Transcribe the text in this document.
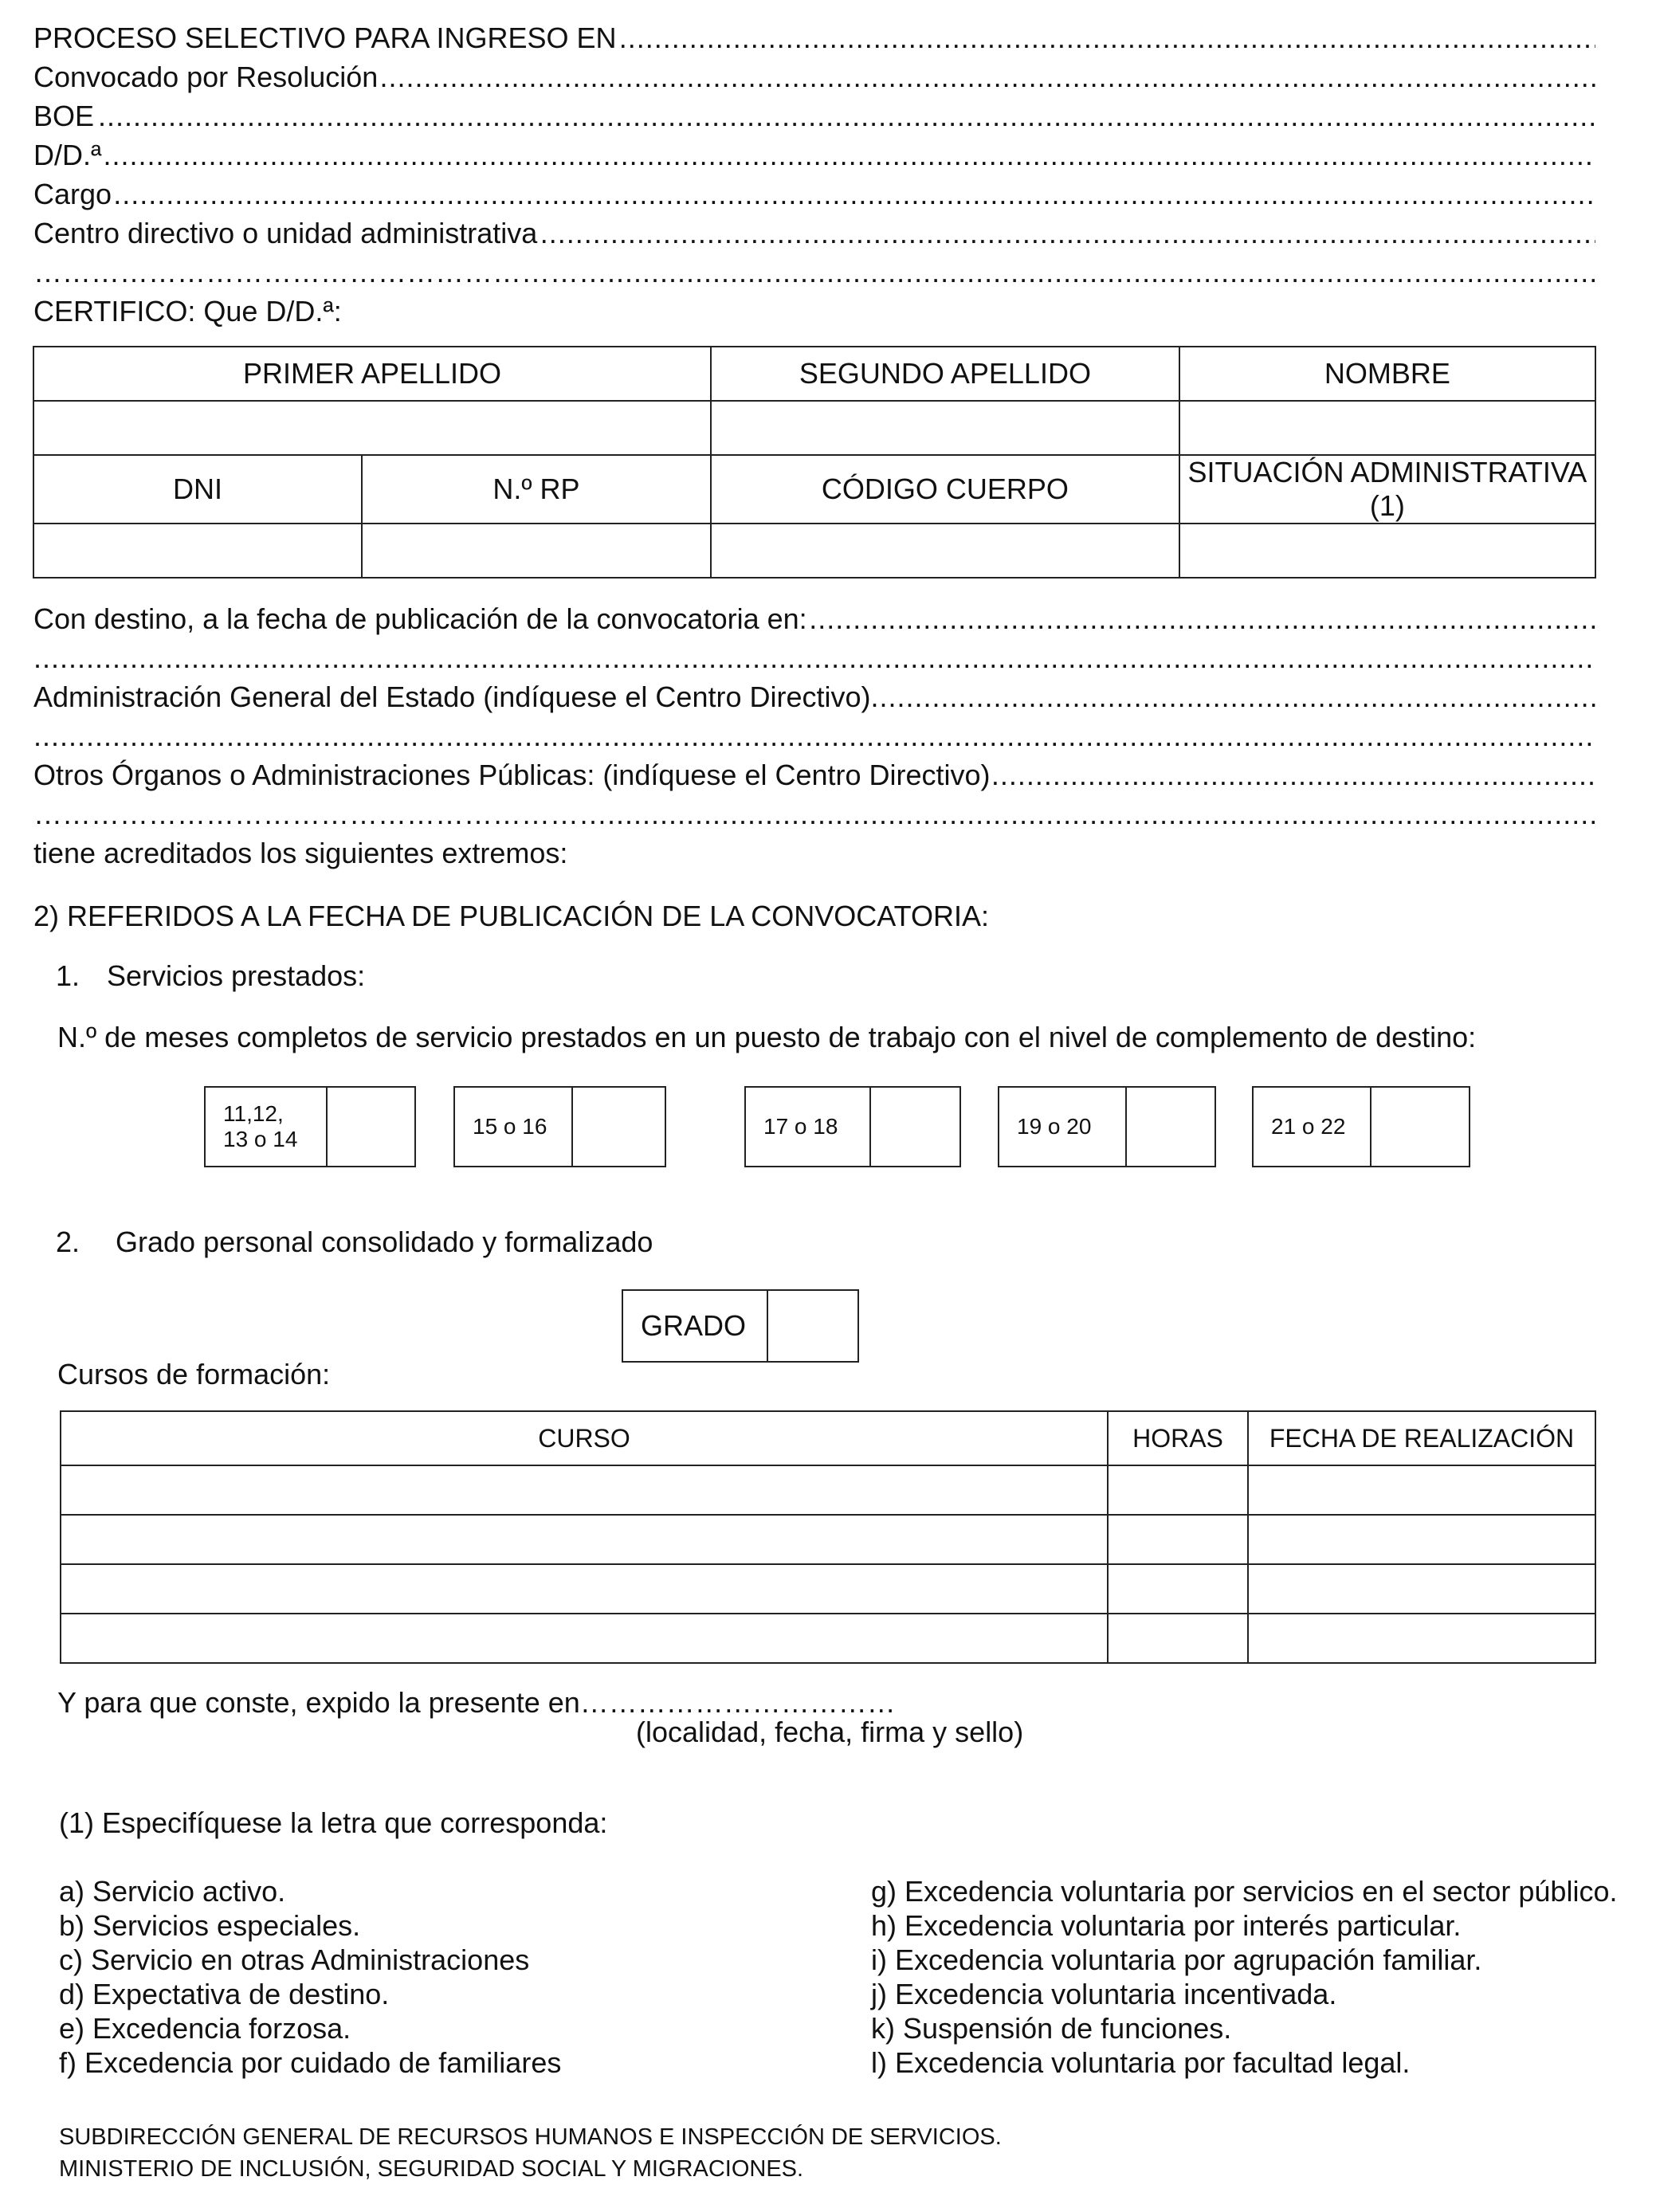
PROCESO SELECTIVO PARA INGRESO EN
.....
Convocado por Resolución
.....
BOE
.....
D/D.ª
.....
Cargo
.....
Centro directivo o unidad administrativa
.....
……………………………………………………
.....
CERTIFICO: Que D/D.ª:
PRIMER APELLIDO		SEGUNDO APELLIDO	NOMBRE

DNI	N.º RP	CÓDIGO CUERPO	SITUACIÓN ADMINISTRATIVA (1)

Con destino, a la fecha de publicación de la convocatoria en:
.....
.....
Administración General del Estado (indíquese el Centro Directivo)
.....
.....
Otros Órganos o Administraciones Públicas: (indíquese el Centro Directivo)
.....
……………………………………………………
.....
tiene acreditados los siguientes extremos:
2) REFERIDOS A LA FECHA DE PUBLICACIÓN DE LA CONVOCATORIA:
1. Servicios prestados:
N.º de meses completos de servicio prestados en un puesto de trabajo con el nivel de complemento de destino:
11,12,
13 o 14
15 o 16	17 o 18	19 o 20	21 o 22
2. Grado personal consolidado y formalizado
GRADO
Cursos de formación:
CURSO	HORAS	FECHA DE REALIZACIÓN

Y para que conste, expido la presente en……………………………
(localidad, fecha, firma y sello)
(1) Especifíquese la letra que corresponda:
a) Servicio activo.
b) Servicios especiales.
c) Servicio en otras Administraciones
d) Expectativa de destino.
e) Excedencia forzosa.
f) Excedencia por cuidado de familiares
g) Excedencia voluntaria por servicios en el sector público.
h) Excedencia voluntaria por interés particular.
i) Excedencia voluntaria por agrupación familiar.
j) Excedencia voluntaria incentivada.
k) Suspensión de funciones.
l) Excedencia voluntaria por facultad legal.
SUBDIRECCIÓN GENERAL DE RECURSOS HUMANOS E INSPECCIÓN DE SERVICIOS.
MINISTERIO DE INCLUSIÓN, SEGURIDAD SOCIAL Y MIGRACIONES.
